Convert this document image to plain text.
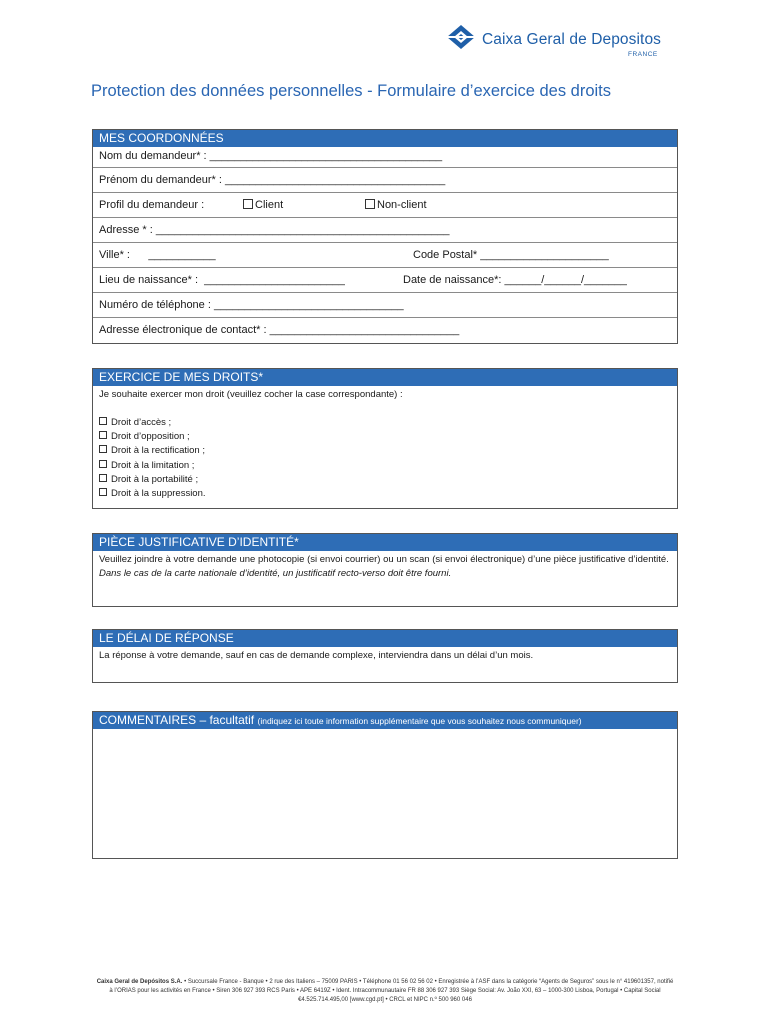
Caixa Geral de Depositos
FRANCE
Protection des données personnelles - Formulaire d’exercice des droits
MES COORDONNÉES
Nom du demandeur* : ______________________________________
Prénom du demandeur* : ____________________________________
Profil du demandeur :	Client	Non-client
Adresse * : ________________________________________________
Ville* :      ___________	Code Postal* _____________________
Lieu de naissance* :  _______________________	Date de naissance*: ______/______/_______
Numéro de téléphone : _______________________________
Adresse électronique de contact* : _______________________________
EXERCICE DE MES DROITS*
Je souhaite exercer mon droit (veuillez cocher la case correspondante) :
Droit d’accès ;
Droit d’opposition ;
Droit à la rectification ;
Droit à la limitation ;
Droit à la portabilité ;
Droit à la suppression.
PIÈCE JUSTIFICATIVE D’IDENTITÉ*
Veuillez joindre à votre demande une photocopie (si envoi courrier) ou un scan (si envoi électronique) d’une pièce justificative d’identité.
Dans le cas de la carte nationale d’identité, un justificatif recto-verso doit être fourni.
LE DÉLAI DE RÉPONSE
La réponse à votre demande, sauf en cas de demande complexe, interviendra dans un délai d’un mois.
COMMENTAIRES – facultatif (indiquez ici toute information supplémentaire que vous souhaitez nous communiquer)
Caixa Geral de Depósitos S.A. • Succursale France - Banque • 2 rue des Italiens – 75009 PARIS • Téléphone 01 56 02 56 02 • Enregistrée à l’ASF dans la catégorie “Agents de Seguros” sous le n° 419601357, notifié à l’ORIAS pour les activités en France • Siren 306 927 393 RCS Paris • APE 6419Z • Ident. Intracommunautaire FR 88 306 927 393 Siège Social: Av. João XXI, 63 – 1000-300 Lisboa, Portugal • Capital Social €4.525.714.495,00 [www.cgd.pt] • CRCL et NIPC n.º 500 960 046
